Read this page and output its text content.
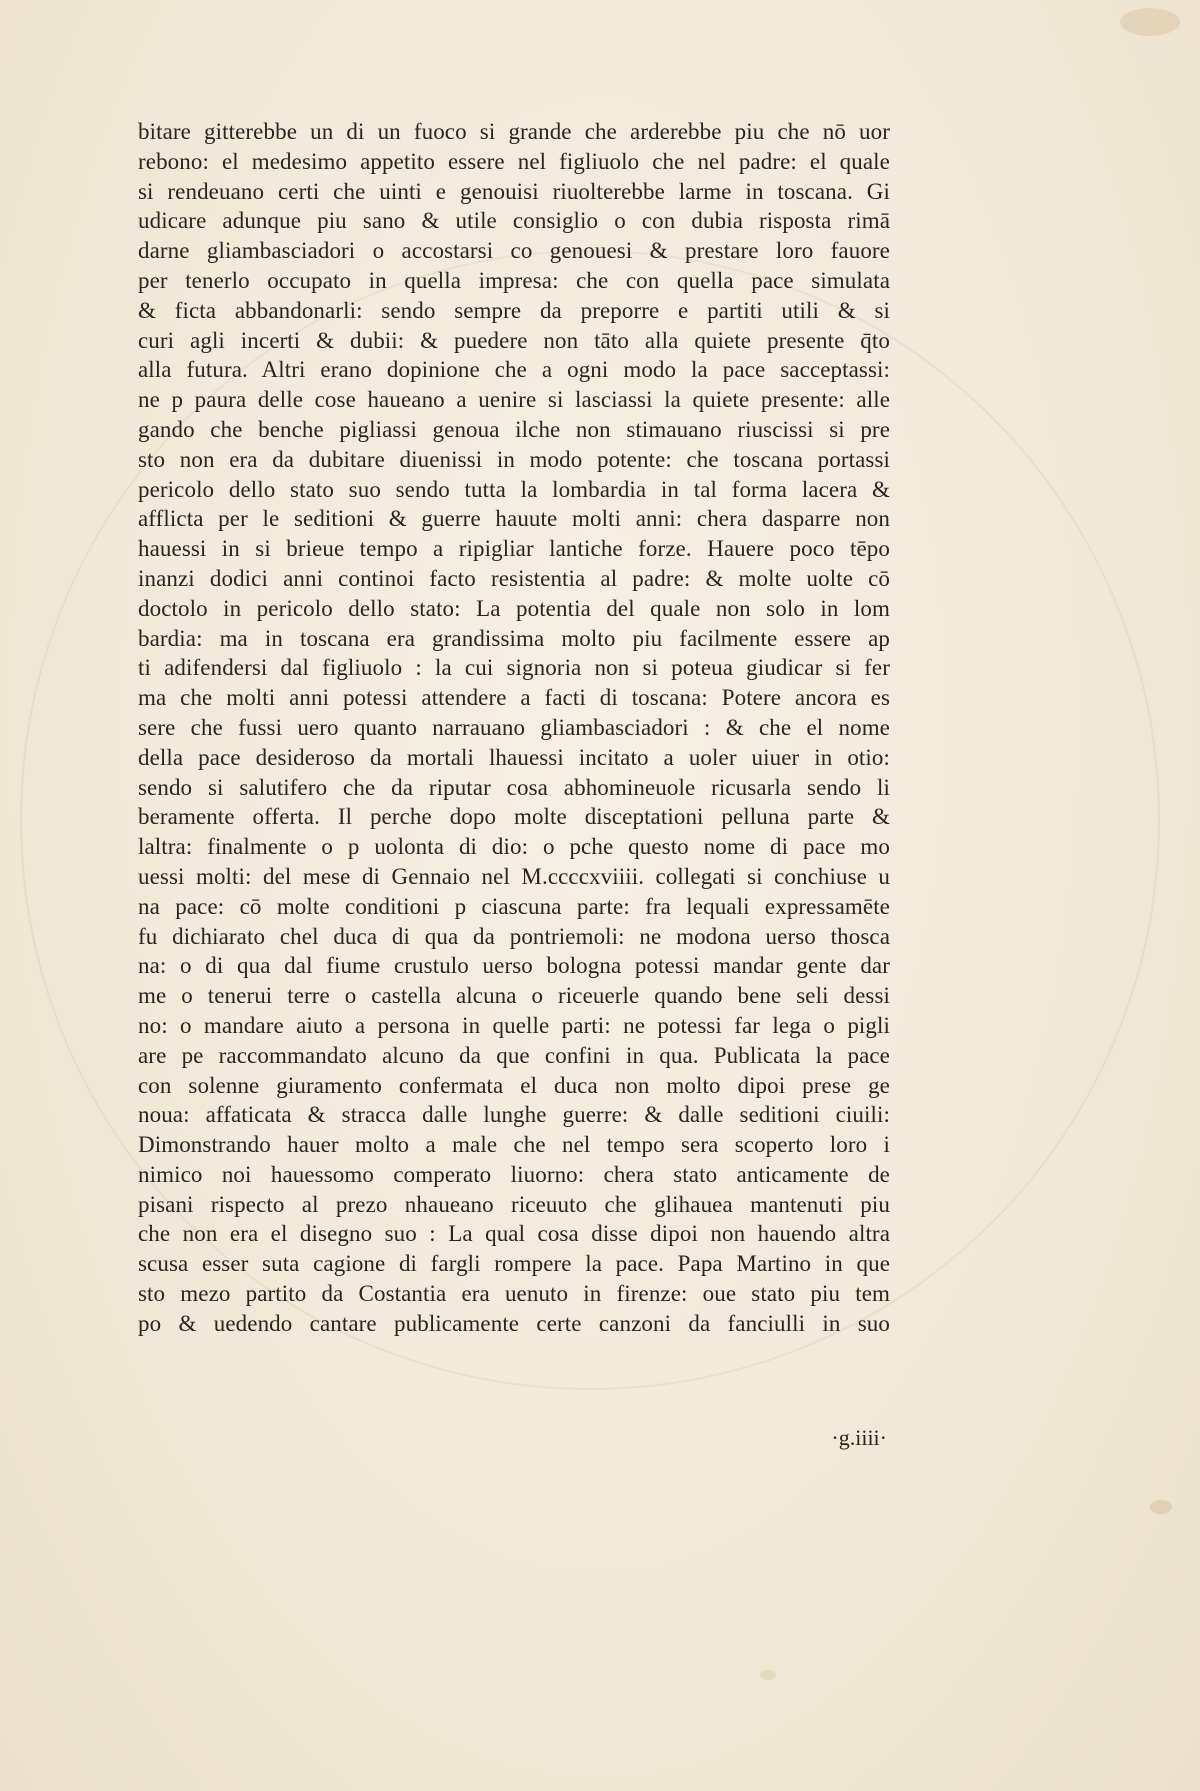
bitare gitterebbe un di un fuoco si grande che arderebbe piu che nō uor
rebono: el medesimo appetito essere nel figliuolo che nel padre: el quale
si rendeuano certi che uinti e genouisi riuolterebbe larme in toscana. Gi
udicare adunque piu sano & utile consiglio o con dubia risposta rimā
darne gliambasciadori o accostarsi co genouesi & prestare loro fauore
per tenerlo occupato in quella impresa: che con quella pace simulata
& ficta abbandonarli: sendo sempre da preporre e partiti utili & si
curi agli incerti & dubii: & puedere non tāto alla quiete presente q̄to
alla futura. Altri erano dopinione che a ogni modo la pace sacceptassi:
ne p paura delle cose haueano a uenire si lasciassi la quiete presente: alle
gando che benche pigliassi genoua ilche non stimauano riuscissi si pre
sto non era da dubitare diuenissi in modo potente: che toscana portassi
pericolo dello stato suo sendo tutta la lombardia in tal forma lacera &
afflicta per le seditioni & guerre hauute molti anni: chera dasparre non
hauessi in si brieue tempo a ripigliar lantiche forze. Hauere poco tēpo
inanzi dodici anni continoi facto resistentia al padre: & molte uolte cō
doctolo in pericolo dello stato: La potentia del quale non solo in lom
bardia: ma in toscana era grandissima molto piu facilmente essere ap
ti adifendersi dal figliuolo : la cui signoria non si poteua giudicar si fer
ma che molti anni potessi attendere a facti di toscana: Potere ancora es
sere che fussi uero quanto narrauano gliambasciadori : & che el nome
della pace desideroso da mortali lhauessi incitato a uoler uiuer in otio:
sendo si salutifero che da riputar cosa abhomineuole ricusarla sendo li
beramente offerta. Il perche dopo molte disceptationi pelluna parte &
laltra: finalmente o p uolonta di dio: o pche questo nome di pace mo
uessi molti: del mese di Gennaio nel M.ccccxviiii. collegati si conchiuse u
na pace: cō molte conditioni p ciascuna parte: fra lequali expressamēte
fu dichiarato chel duca di qua da pontriemoli: ne modona uerso thosca
na: o di qua dal fiume crustulo uerso bologna potessi mandar gente dar
me o tenerui terre o castella alcuna o riceuerle quando bene seli dessi
no: o mandare aiuto a persona in quelle parti: ne potessi far lega o pigli
are pe raccommandato alcuno da que confini in qua. Publicata la pace
con solenne giuramento confermata el duca non molto dipoi prese ge
noua: affaticata & stracca dalle lunghe guerre: & dalle seditioni ciuili:
Dimonstrando hauer molto a male che nel tempo sera scoperto loro i
nimico noi hauessomo comperato liuorno: chera stato anticamente de
pisani rispecto al prezo nhaueano riceuuto che glihauea mantenuti piu
che non era el disegno suo : La qual cosa disse dipoi non hauendo altra
scusa esser suta cagione di fargli rompere la pace. Papa Martino in que
sto mezo partito da Costantia era uenuto in firenze: oue stato piu tem
po & uedendo cantare publicamente certe canzoni da fanciulli in suo
·g.iiii·
